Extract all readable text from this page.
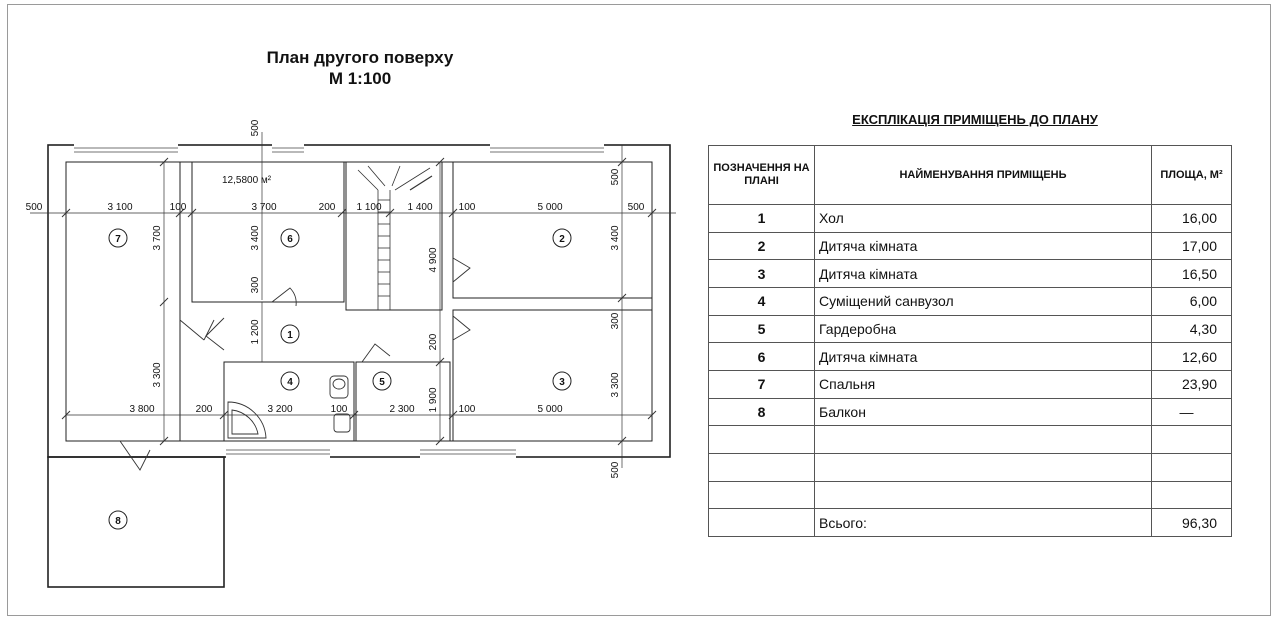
План другого поверху
М 1:100
12,5800 м²
1
2
3
4	5
6
7
8
500	3 100	100	3 700	200 1 100	1 400	100	5 000	500
3 800	200	3 200	100	2 300	100	5 000
500
500
3 700	3 400
4 900
3 400
300
1 200	200
300
3 300
1 900
3 300
500
ЕКСПЛІКАЦІЯ ПРИМІЩЕНЬ ДО ПЛАНУ
ПОЗНАЧЕННЯ НА ПЛАНІ	НАЙМЕНУВАННЯ ПРИМІЩЕНЬ	ПЛОЩА, М²
1	Хол	16,00
2	Дитяча кімната	17,00
3	Дитяча кімната	16,50
4	Суміщений санвузол	6,00
5	Гардеробна	4,30
6	Дитяча кімната	12,60
7	Спальня	23,90
8	Балкон	—

	Всього:	96,30
